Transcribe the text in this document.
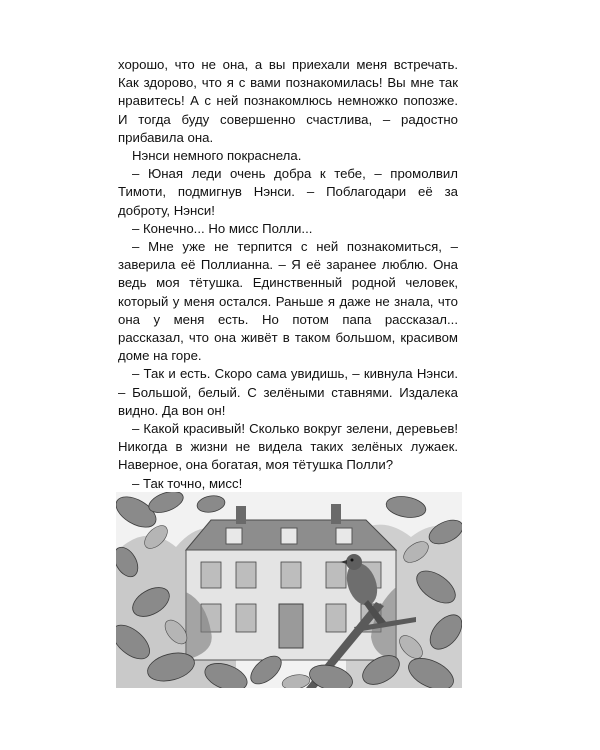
хорошо, что не она, а вы приехали меня встречать. Как здорово, что я с вами познакомилась! Вы мне так нравитесь! А с ней познакомлюсь немножко попозже. И тогда буду совершенно счастлива, – радостно прибавила она.

Нэнси немного покраснела.

– Юная леди очень добра к тебе, – промолвил Тимоти, подмигнув Нэнси. – Поблагодари её за доброту, Нэнси!

– Конечно... Но мисс Полли...

– Мне уже не терпится с ней познакомиться, – заверила её Поллианна. – Я её заранее люблю. Она ведь моя тётушка. Единственный родной человек, который у меня остался. Раньше я даже не знала, что она у меня есть. Но потом папа рассказал... рассказал, что она живёт в таком большом, красивом доме на горе.

– Так и есть. Скоро сама увидишь, – кивнула Нэнси. – Большой, белый. С зелёными ставнями. Издалека видно. Да вон он!

– Какой красивый! Сколько вокруг зелени, деревьев! Никогда в жизни не видела таких зелёных лужаек. Наверное, она богатая, моя тётушка Полли?

– Так точно, мисс!
